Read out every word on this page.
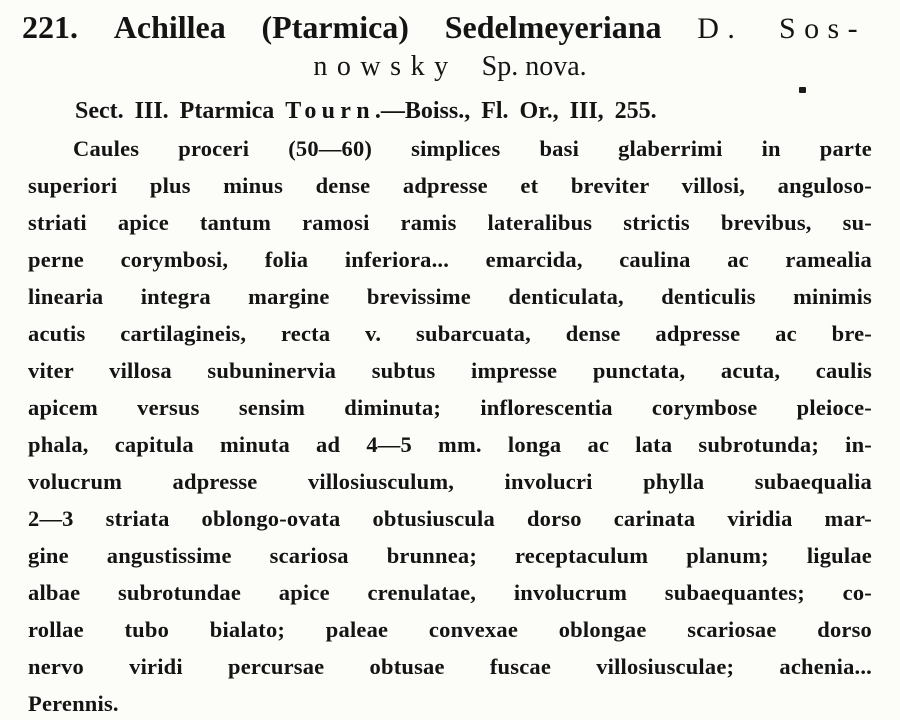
221. Achillea (Ptarmica) Sedelmeyeriana D. Sos-
nowsky Sp. nova.
Sect. III. Ptarmica Tourn.—Boiss., Fl. Or., III, 255.
Caules proceri (50—60) simplices basi glaberrimi in parte
superiori plus minus dense adpresse et breviter villosi, anguloso-
striati apice tantum ramosi ramis lateralibus strictis brevibus, su-
perne corymbosi, folia inferiora... emarcida, caulina ac ramealia
linearia integra margine brevissime denticulata, denticulis minimis
acutis cartilagineis, recta v. subarcuata, dense adpresse ac bre-
viter villosa subuninervia subtus impresse punctata, acuta, caulis
apicem versus sensim diminuta; inflorescentia corymbose pleioce-
phala, capitula minuta ad 4—5 mm. longa ac lata subrotunda; in-
volucrum adpresse villosiusculum, involucri phylla subaequalia
2—3 striata oblongo-ovata obtusiuscula dorso carinata viridia mar-
gine angustissime scariosa brunnea; receptaculum planum; ligulae
albae subrotundae apice crenulatae, involucrum subaequantes; co-
rollae tubo bialato; paleae convexae oblongae scariosae dorso
nervo viridi percursae obtusae fuscae villosiusculae; achenia...
Perennis.
